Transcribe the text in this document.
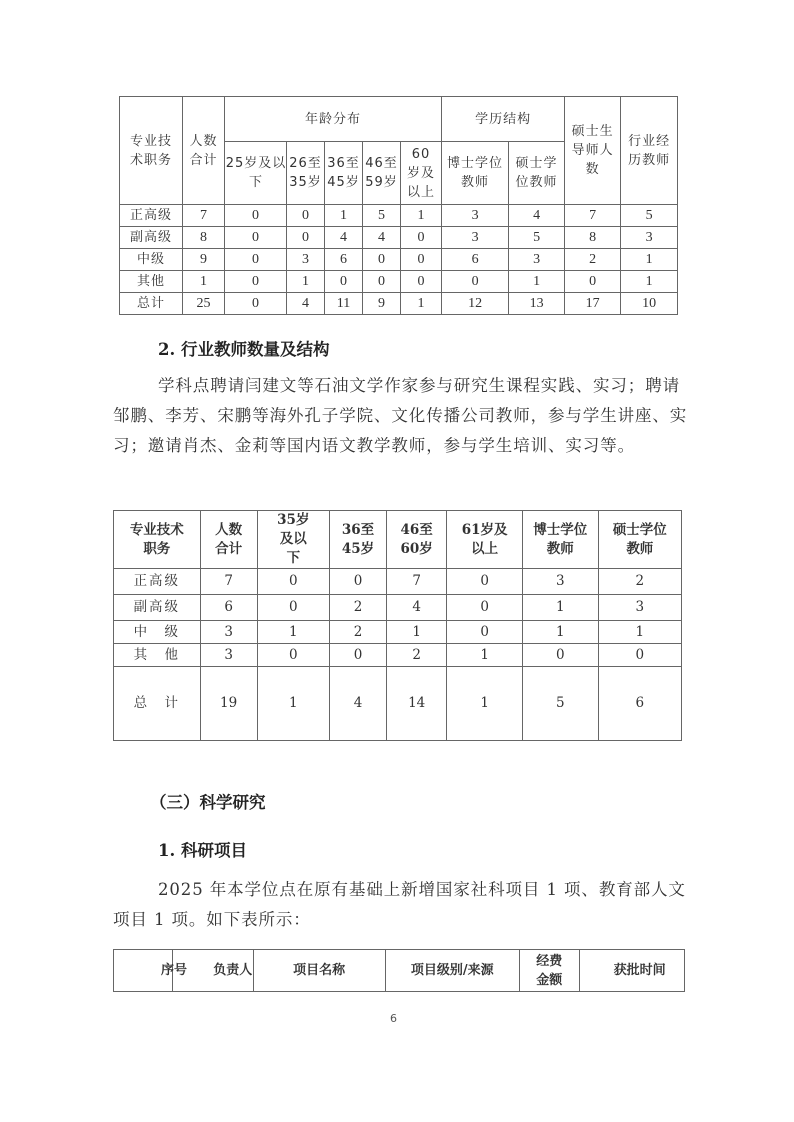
专业技术职务	人数合计	年龄分布					学历结构		硕士生导师人数	行业经历教师
		25岁及以下	26至35岁	36至45岁	46至59岁	60岁及以上	博士学位教师	硕士学位教师		
正高级	7	0	0	1	5	1	3	4	7	5
副高级	8	0	0	4	4	0	3	5	8	3
中级	9	0	3	6	0	0	6	3	2	1
其他	1	0	1	0	0	0	0	1	0	1
总计	25	0	4	11	9	1	12	13	17	10
2. 行业教师数量及结构
学科点聘请闫建文等石油文学作家参与研究生课程实践、实习；聘请邹鹏、李芳、宋鹏等海外孔子学院、文化传播公司教师，参与学生讲座、实习；邀请肖杰、金莉等国内语文教学教师，参与学生培训、实习等。
专业技术职务	人数合计	35岁及以下	36至45岁	46至60岁	61岁及以上	博士学位教师	硕士学位教师
正高级	7	0	0	7	0	3	2
副高级	6	0	2	4	0	1	3
中　级	3	1	2	1	0	1	1
其　他	3	0	0	2	1	0	0
总　计	19	1	4	14	1	5	6
（三）科学研究
1. 科研项目
2025 年本学位点在原有基础上新增国家社科项目 1 项、教育部人文项目 1 项。如下表所示：
序号	负责人	项目名称	项目级别/来源	经费金额	获批时间
6
